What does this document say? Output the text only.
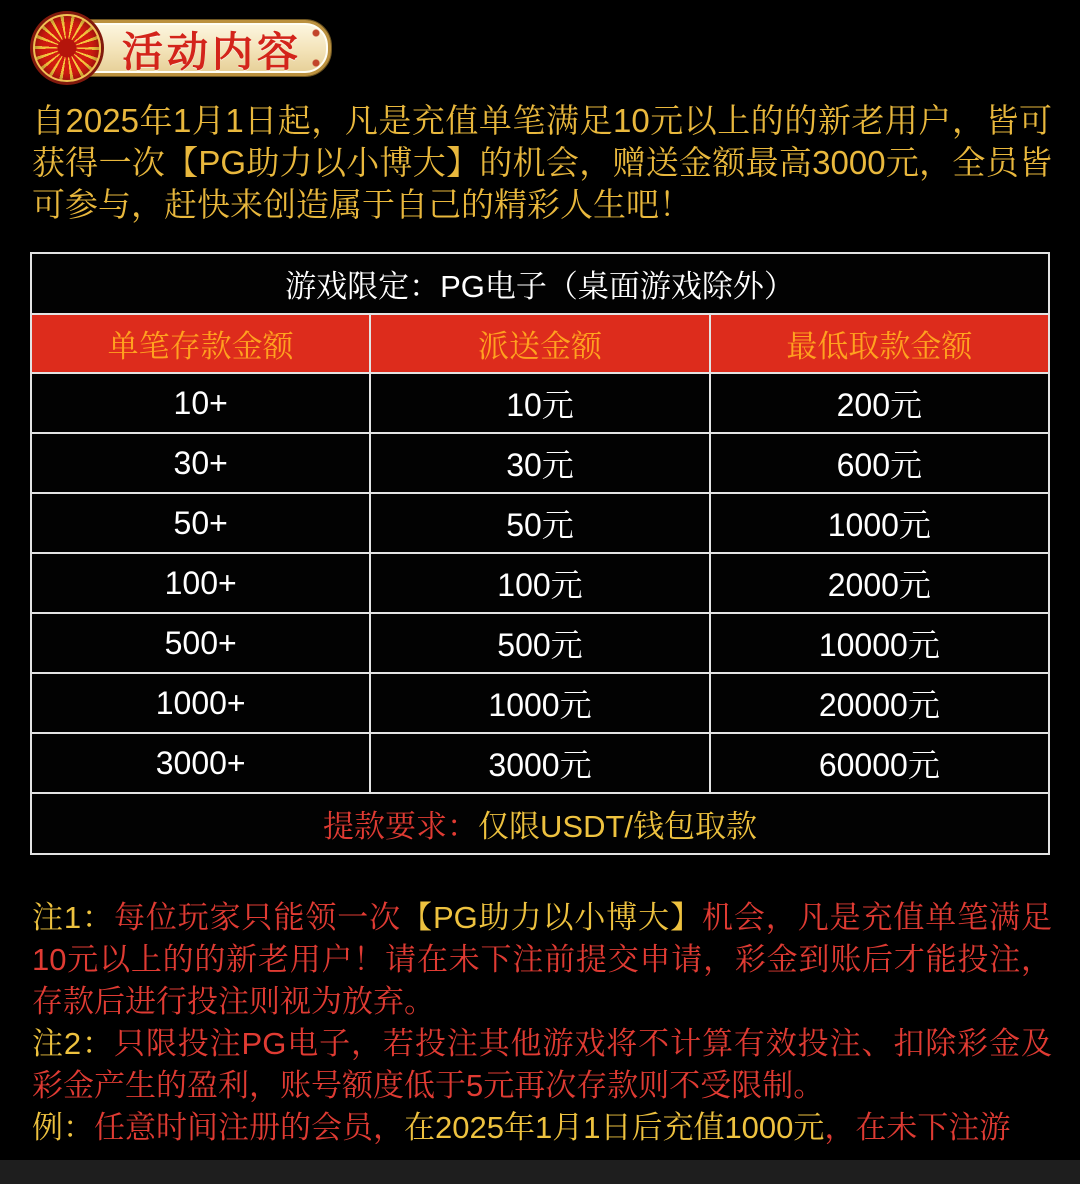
活动内容

自2025年1月1日起，凡是充值单笔满足10元以上的的新老用户，皆可获得一次【PG助力以小博大】的机会，赠送金额最高3000元，全员皆可参与，赶快来创造属于自己的精彩人生吧！

游戏限定：PG电子（桌面游戏除外）		
单笔存款金额	派送金额	最低取款金额
10+	10元	200元
30+	30元	600元
50+	50元	1000元
100+	100元	2000元
500+	500元	10000元
1000+	1000元	20000元
3000+	3000元	60000元
提款要求：仅限USDT/钱包取款		

注1：每位玩家只能领一次【PG助力以小博大】机会，凡是充值单笔满足10元以上的的新老用户！请在未下注前提交申请，彩金到账后才能投注，存款后进行投注则视为放弃。

注2：只限投注PG电子，若投注其他游戏将不计算有效投注、扣除彩金及彩金产生的盈利，账号额度低于5元再次存款则不受限制。

例：任意时间注册的会员，在2025年1月1日后充值1000元，在未下注游
